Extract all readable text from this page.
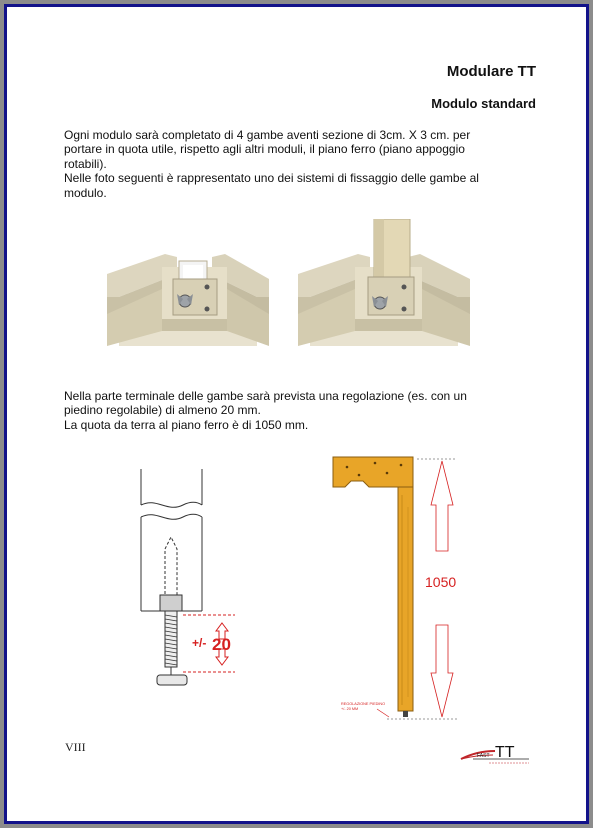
Modulare TT
Modulo standard
Ogni modulo sarà completato di 4 gambe aventi sezione di 3cm. X 3 cm. per
portare in quota utile, rispetto agli altri moduli, il piano ferro (piano appoggio
rotabili).
Nelle foto seguenti è rappresentato uno dei sistemi di fissaggio delle gambe al
modulo.
Nella parte terminale delle gambe sarà prevista una regolazione (es. con un
piedino regolabile) di almeno 20 mm.
La quota da terra al piano ferro è di 1050 mm.
+/- 20
1050
REGOLAZIONE PIEDINO
+/- 20 MM
VIII
FAST TT
